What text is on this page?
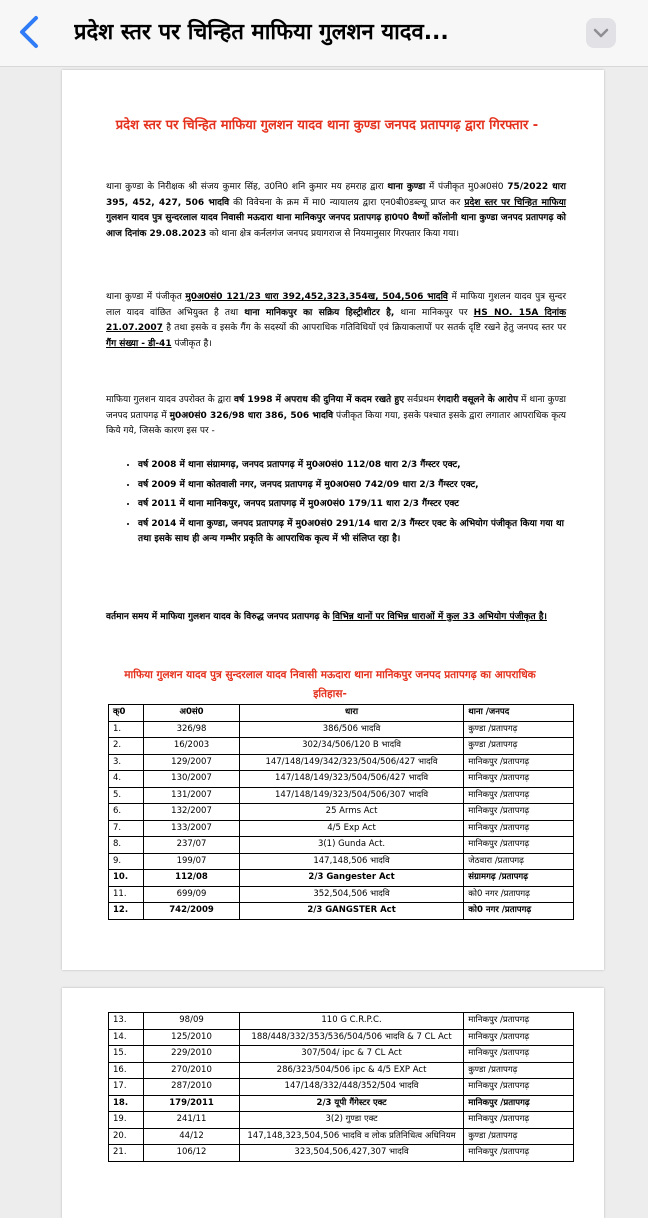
प्रदेश स्तर पर चिन्हित माफिया गुलशन यादव...
प्रदेश स्तर पर चिन्हित माफिया गुलशन यादव थाना कुण्डा जनपद प्रतापगढ़ द्वारा गिरफ्तार -

थाना कुण्डा के निरीक्षक श्री संजय कुमार सिंह, उ0नि0 शनि कुमार मय हमराह द्वारा थाना कुण्डा में पंजीकृत मु0अ0सं0 75/2022 धारा 395, 452, 427, 506 भादवि की विवेचना के क्रम में मा0 न्यायालय द्वारा एन0बी0डब्ल्यू प्राप्त कर प्रदेश स्तर पर चिन्हित माफिया गुलशन यादव पुत्र सुन्दरलाल यादव निवासी मऊदारा थाना मानिकपुर जनपद प्रतापगढ़ हा0प0 वैष्णों कॉलोनी थाना कुण्डा जनपद प्रतापगढ़ को आज दिनांक 29.08.2023 को थाना क्षेत्र कर्नलगंज जनपद प्रयागराज से नियमानुसार गिरफ्तार किया गया।

थाना कुण्डा में पंजीकृत मु0अ0सं0 121/23 धारा 392,452,323,354ख, 504,506 भादवि में माफिया गुशलन यादव पुत्र सुन्दर लाल यादव वांछित अभियुक्त है तथा थाना मानिकपुर का सक्रिय हिस्ट्रीशीटर है, थाना मानिकपुर पर HS NO. 15A दिनांक 21.07.2007 है तथा इसके व इसके गैंग के सदस्यों की आपराधिक गतिविधियों एवं क्रियाकलापों पर सतर्क दृष्टि रखने हेतु जनपद स्तर पर गैंग संख्या - डी-41 पंजीकृत है।

माफिया गुलशन यादव उपरोक्त के द्वारा वर्ष 1998 में अपराध की दुनिया में कदम रखते हुए सर्वप्रथम रंगदारी वसूलने के आरोप में थाना कुण्डा जनपद प्रतापगढ़ में मु0अ0सं0 326/98 धारा 386, 506 भादवि पंजीकृत किया गया, इसके पश्चात इसके द्वारा लगातार आपराधिक कृत्य किये गये, जिसके कारण इस पर -

• वर्ष 2008 में थाना संग्रामगढ़, जनपद प्रतापगढ़ में मु0अ0सं0 112/08 धारा 2/3 गैंग्स्टर एक्ट,
• वर्ष 2009 में थाना कोतवाली नगर, जनपद प्रतापगढ़ में मु0अ0स0 742/09 धारा 2/3 गैंग्स्टर एक्ट,
• वर्ष 2011 में थाना मानिकपुर, जनपद प्रतापगढ़ में मु0अ0सं0 179/11 धारा 2/3 गैंग्स्टर एक्ट
• वर्ष 2014 में थाना कुण्डा, जनपद प्रतापगढ़ में मु0अ0सं0 291/14 धारा 2/3 गैंग्स्टर एक्ट के अभियोग पंजीकृत किया गया था तथा इसके साथ ही अन्य गम्भीर प्रकृति के आपराधिक कृत्य में भी संलिप्त रहा है।

वर्तमान समय में माफिया गुलशन यादव के विरुद्ध जनपद प्रतापगढ़ के विभिन्न थानों पर विभिन्न धाराओं में कुल 33 अभियोग पंजीकृत है।

माफिया गुलशन यादव पुत्र सुन्दरलाल यादव निवासी मऊदारा थाना मानिकपुर जनपद प्रतापगढ़ का आपराधिक इतिहास-
क्0	अ0सं0	धारा	थाना /जनपद
1.	326/98	386/506 भादवि	कुण्डा /प्रतापगढ़
2.	16/2003	302/34/506/120 B भादवि	कुण्डा /प्रतापगढ़
3.	129/2007	147/148/149/342/323/504/506/427 भादवि	मानिकपुर /प्रतापगढ़
4.	130/2007	147/148/149/323/504/506/427 भादवि	मानिकपुर /प्रतापगढ़
5.	131/2007	147/148/149/323/504/506/307 भादवि	मानिकपुर /प्रतापगढ़
6.	132/2007	25 Arms Act	मानिकपुर /प्रतापगढ़
7.	133/2007	4/5 Exp Act	मानिकपुर /प्रतापगढ़
8.	237/07	3(1) Gunda Act.	मानिकपुर /प्रतापगढ़
9.	199/07	147,148,506 भादवि	जेठवारा /प्रतापगढ़
10.	112/08	2/3 Gangester Act	संग्रामगढ़ /प्रतापगढ़
11.	699/09	352,504,506 भादवि	को0 नगर /प्रतापगढ़
12.	742/2009	2/3 GANGSTER Act	को0 नगर /प्रतापगढ़
13.	98/09	110 G C.R.P.C.	मानिकपुर /प्रतापगढ़
14.	125/2010	188/448/332/353/536/504/506 भादवि & 7 CL Act	मानिकपुर /प्रतापगढ़
15.	229/2010	307/504/ ipc & 7 CL Act	मानिकपुर /प्रतापगढ़
16.	270/2010	286/323/504/506 ipc & 4/5 EXP Act	कुण्डा /प्रतापगढ़
17.	287/2010	147/148/332/448/352/504 भादवि	मानिकपुर /प्रतापगढ़
18.	179/2011	2/3 यूपी गैंगेस्टर एक्ट	मानिकपुर /प्रतापगढ़
19.	241/11	3(2) गुण्डा एक्ट	मानिकपुर /प्रतापगढ़
20.	44/12	147,148,323,504,506 भादवि व लोक प्रतिनिधित्व अधिनियम	कुण्डा /प्रतापगढ़
21.	106/12	323,504,506,427,307 भादवि	मानिकपुर /प्रतापगढ़
